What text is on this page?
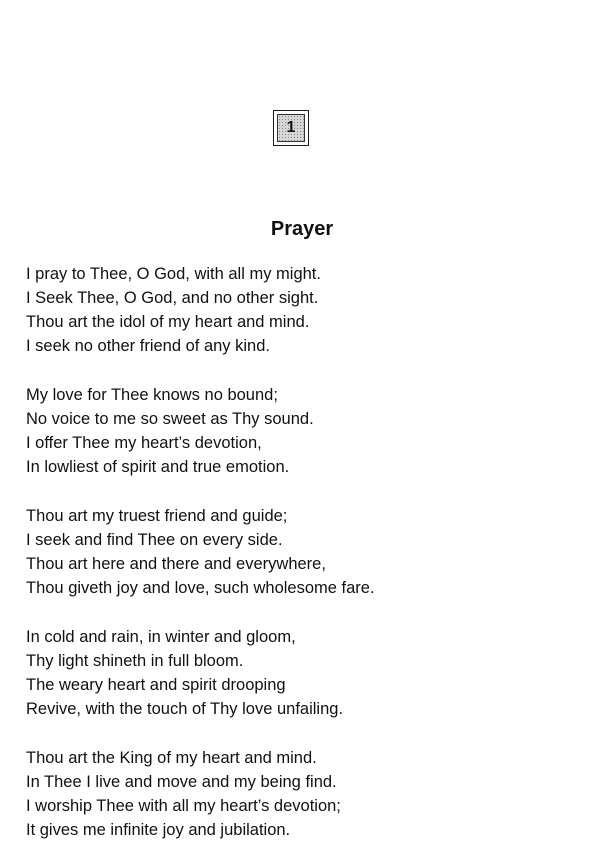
1
Prayer
I pray to Thee, O God, with all my might.
I Seek Thee, O God, and no other sight.
Thou art the idol of my heart and mind.
I seek no other friend of any kind.
My love for Thee knows no bound;
No voice to me so sweet as Thy sound.
I offer Thee my heart’s devotion,
In lowliest of spirit and true emotion.
Thou art my truest friend and guide;
I seek and find Thee on every side.
Thou art here and there and everywhere,
Thou giveth joy and love, such wholesome fare.
In cold and rain, in winter and gloom,
Thy light shineth in full bloom.
The weary heart and spirit drooping
Revive, with the touch of Thy love unfailing.
Thou art the King of my heart and mind.
In Thee I live and move and my being find.
I worship Thee with all my heart’s devotion;
It gives me infinite joy and jubilation.
